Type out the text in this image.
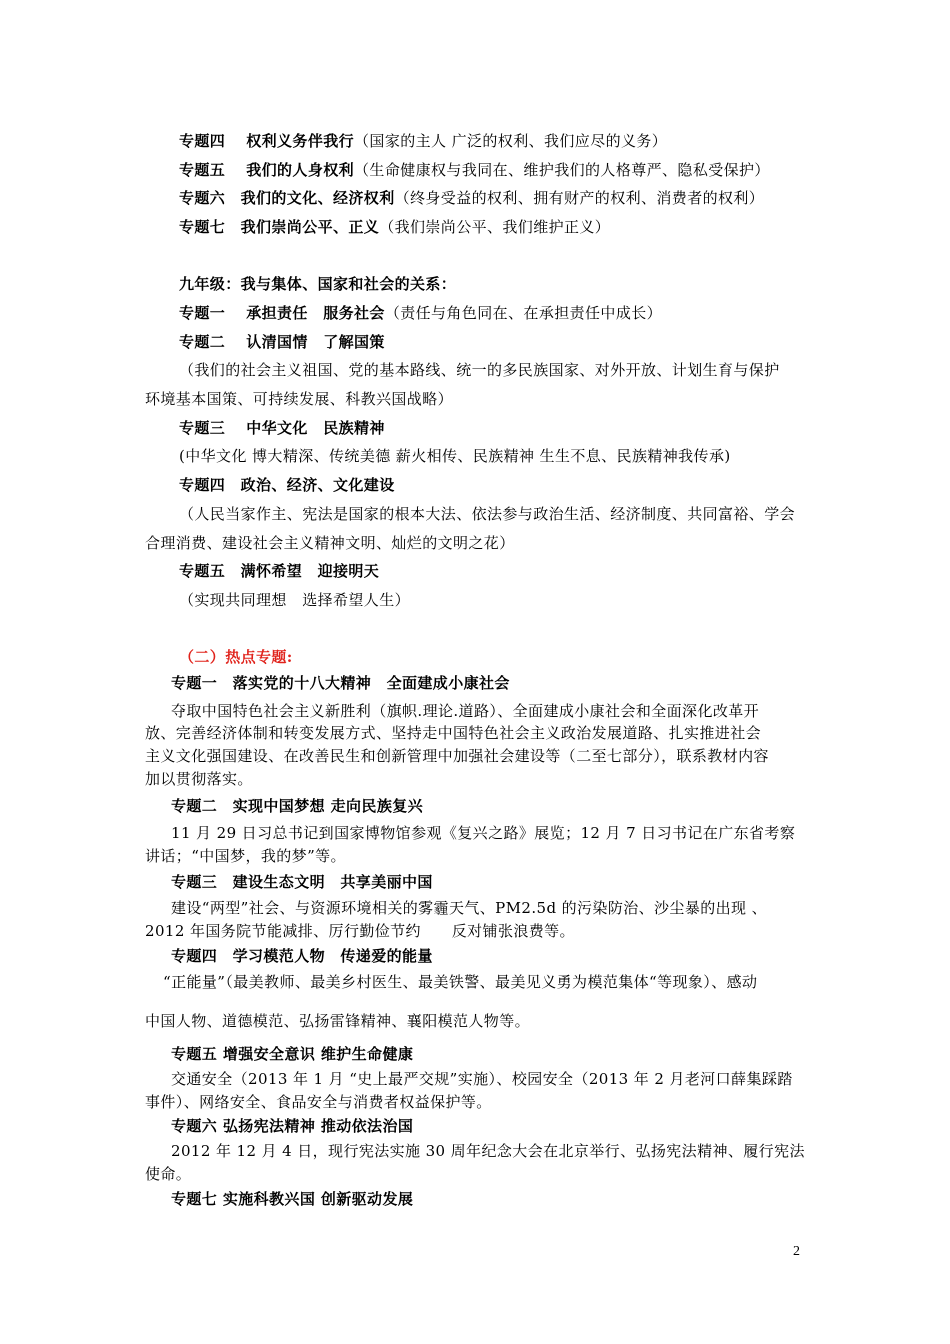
专题四　 权利义务伴我行（国家的主人 广泛的权利、我们应尽的义务）
专题五　 我们的人身权利（生命健康权与我同在、维护我们的人格尊严、隐私受保护）
专题六　我们的文化、经济权利（终身受益的权利、拥有财产的权利、消费者的权利）
专题七　我们崇尚公平、正义（我们崇尚公平、我们维护正义）
九年级：我与集体、国家和社会的关系：
专题一　 承担责任　服务社会（责任与角色同在、在承担责任中成长）
专题二　 认清国情　了解国策
（我们的社会主义祖国、党的基本路线、统一的多民族国家、对外开放、计划生育与保护
环境基本国策、可持续发展、科教兴国战略）
专题三　 中华文化　民族精神
(中华文化 博大精深、传统美德 薪火相传、民族精神 生生不息、民族精神我传承)
专题四　政治、经济、文化建设
（人民当家作主、宪法是国家的根本大法、依法参与政治生活、经济制度、共同富裕、学会
合理消费、建设社会主义精神文明、灿烂的文明之花）
专题五　满怀希望　迎接明天
（实现共同理想　选择希望人生）
（二）热点专题:
专题一　落实党的十八大精神　全面建成小康社会
夺取中国特色社会主义新胜利（旗帜.理论.道路）、全面建成小康社会和全面深化改革开
放、完善经济体制和转变发展方式、坚持走中国特色社会主义政治发展道路、扎实推进社会
主义文化强国建设、在改善民生和创新管理中加强社会建设等（二至七部分），联系教材内容
加以贯彻落实。
专题二　实现中国梦想 走向民族复兴
11 月 29 日习总书记到国家博物馆参观《复兴之路》展览；12 月 7 日习书记在广东省考察
讲话；“中国梦，我的梦”等。
专题三　建设生态文明　共享美丽中国
建设“两型”社会、与资源环境相关的雾霾天气、PM2.5d 的污染防治、沙尘暴的出现 、
2012 年国务院节能减排、厉行勤俭节约　　反对铺张浪费等。
专题四　学习模范人物　传递爱的能量
“正能量”（最美教师、最美乡村医生、最美铁警、最美见义勇为模范集体“等现象）、感动
中国人物、道德模范、弘扬雷锋精神、襄阳模范人物等。
专题五 增强安全意识 维护生命健康
交通安全（2013 年 1 月 “史上最严交规”实施）、校园安全（2013 年 2 月老河口薛集踩踏
事件）、网络安全、食品安全与消费者权益保护等。
专题六 弘扬宪法精神 推动依法治国
2012 年 12 月 4 日，现行宪法实施 30 周年纪念大会在北京举行、弘扬宪法精神、履行宪法
使命。
专题七 实施科教兴国 创新驱动发展
2
